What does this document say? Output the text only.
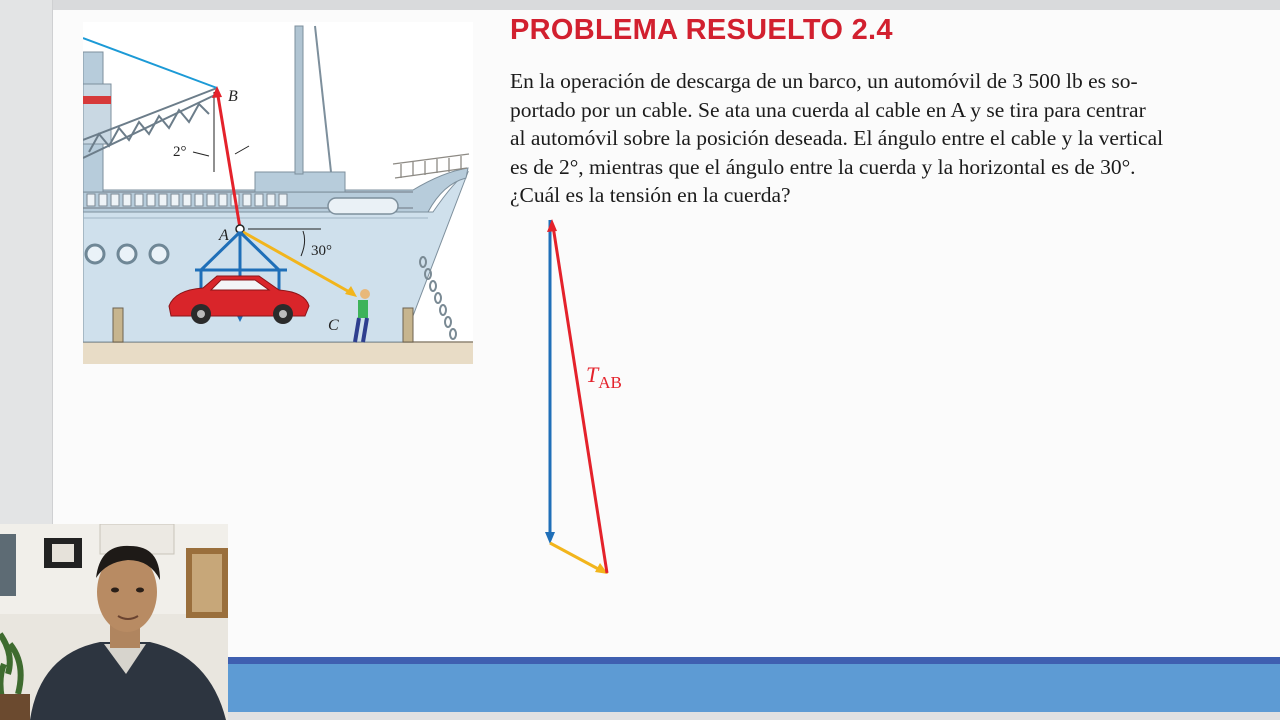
PROBLEMA RESUELTO 2.4
En la operación de descarga de un barco, un automóvil de 3 500 lb es so-
portado por un cable. Se ata una cuerda al cable en A y se tira para centrar
al automóvil sobre la posición deseada. El ángulo entre el cable y la vertical
es de 2°, mientras que el ángulo entre la cuerda y la horizontal es de 30°.
¿Cuál es la tensión en la cuerda?
2°
B
A
30°
C
$T_{AB}$
